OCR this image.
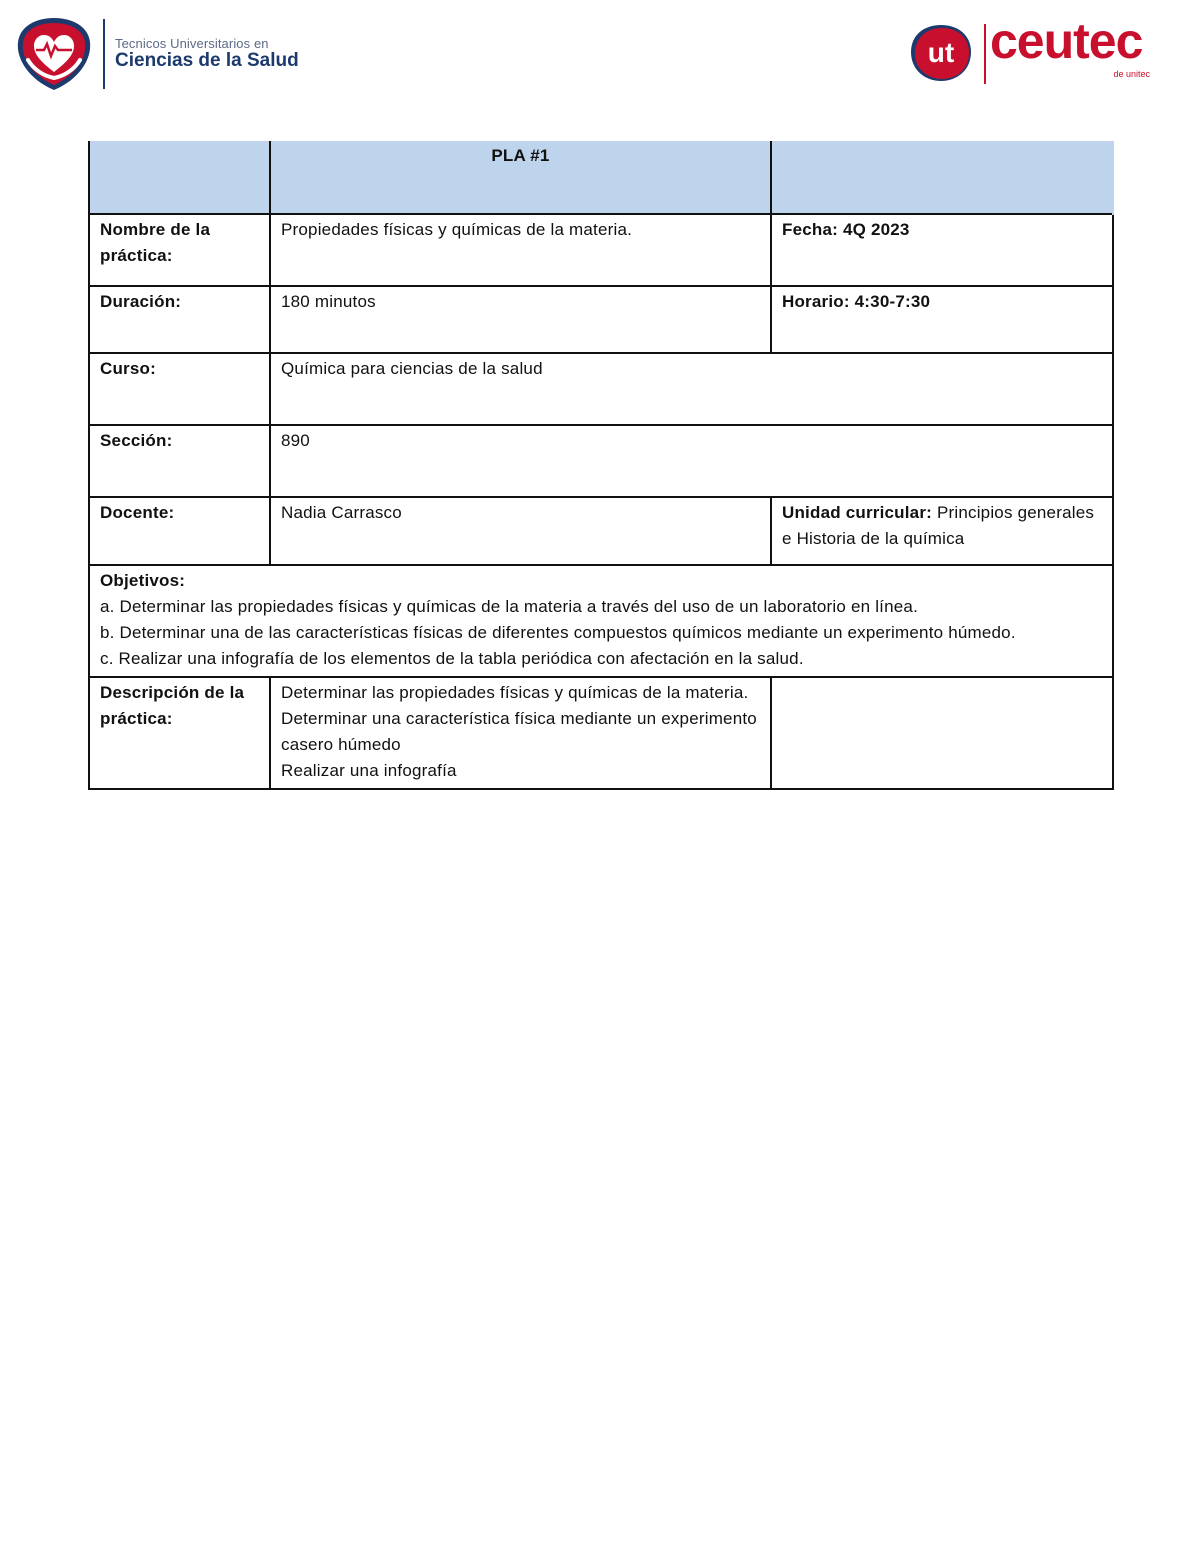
Tecnicos Universitarios en
Ciencias de la Salud	ut ceutec
de unitec
	PLA #1	
Nombre de la práctica:	Propiedades físicas y químicas de la materia.	Fecha: 4Q 2023
Duración:	180 minutos	Horario: 4:30-7:30
Curso:	Química para ciencias de la salud	
Sección:	890	
Docente:	Nadia Carrasco	Unidad curricular: Principios generales e Historia de la química

Objetivos:
a. Determinar las propiedades físicas y químicas de la materia a través del uso de un laboratorio en línea.
b. Determinar una de las características físicas de diferentes compuestos químicos mediante un experimento húmedo.
c. Realizar una infografía de los elementos de la tabla periódica con afectación en la salud.		

Descripción de la práctica:	Determinar las propiedades físicas y químicas de la materia.
Determinar una característica física mediante un experimento casero húmedo
Realizar una infografía	
